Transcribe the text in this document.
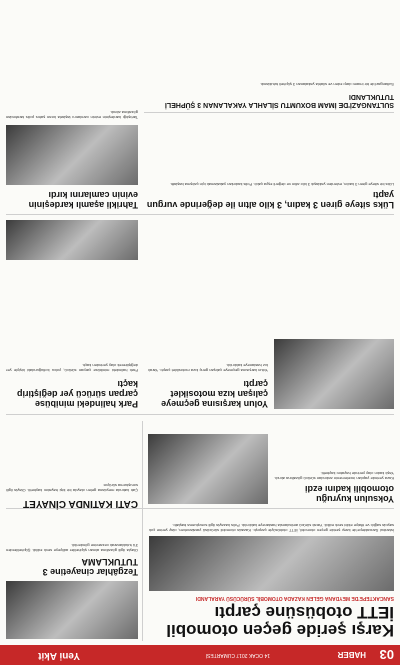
03
HABER
14 OCAK 2017 CUMARTESİ
Yeni Akit
Karşı şeride geçen otomobil İETT otobüsüne çarptı
SANCAKTEPE'DE MEYDANA GELEN KAZADA OTOMOBİL SÜRÜCÜSÜ YARALANDI
İstanbul Sancaktepe'de karşı şeride geçen otomobil, İETT otobüsüyle çarpıştı. Kazada otomobil sürücüsü yaralanırken, olay yerine çok sayıda sağlık ve itfaiye ekibi sevk edildi. Yaralı sürücü ambulansla hastaneye kaldırıldı. Polis kazayla ilgili soruşturma başlattı.
Tezgâhlar cinayetine 3 TUTUKLAMA
Olayla ilgili gözaltına alınan şüpheliler adliyeye sevk edildi. Şüphelilerden 3'ü tutuklanarak cezaevine gönderildi.
Yoksulun kuyruğu otomobili kadını ezdi
Kaza yerinde yapılan incelemenin ardından sürücü gözaltına alındı. Yaşlı kadın olay yerinde hayatını kaybetti.
CATI KATINDA CİNAYET
Çatı katında meydana gelen olayda bir kişi hayatını kaybetti. Olayla ilgili soruşturma sürüyor.
Yolun karşısına geçmeye çalışan kıza motosiklet çarptı
Yolun karşısına geçmeye çalışan genç kıza motosiklet çarptı. Yaralı kız hastaneye kaldırıldı.
Park halindeki minibüse çarpan sürücü yer değiştirip kaçtı
Park halindeki minibüse çarpan sürücü, yolcu koltuğundaki kişiyle yer değiştirerek olay yerinden kaçtı.
Lüks siteye giren 3 kadın, 3 kilo altın ile değerinde vurgun yaptı
Lüks bir siteye giren 3 kadın, evlerden yaklaşık 3 kilo altın ve değerli eşya çaldı. Polis kadınları yakalamak için çalışma başlattı.
Tahrikli aşamlı kardeşinin evinin camlarını kırdı
Tartıştığı kardeşinin evinin camlarını taşlarla kıran şahıs polis tarafından gözaltına alındı.
SULTANGAZİ'DE İMAM BOXUMTU SİLAHLA YAKALANAN 3 ŞÜPHELİ TUTUKLANDI
Sultangazi'de bir imamı darp eden ve silahla yakalanan 3 şüpheli tutuklandı.
